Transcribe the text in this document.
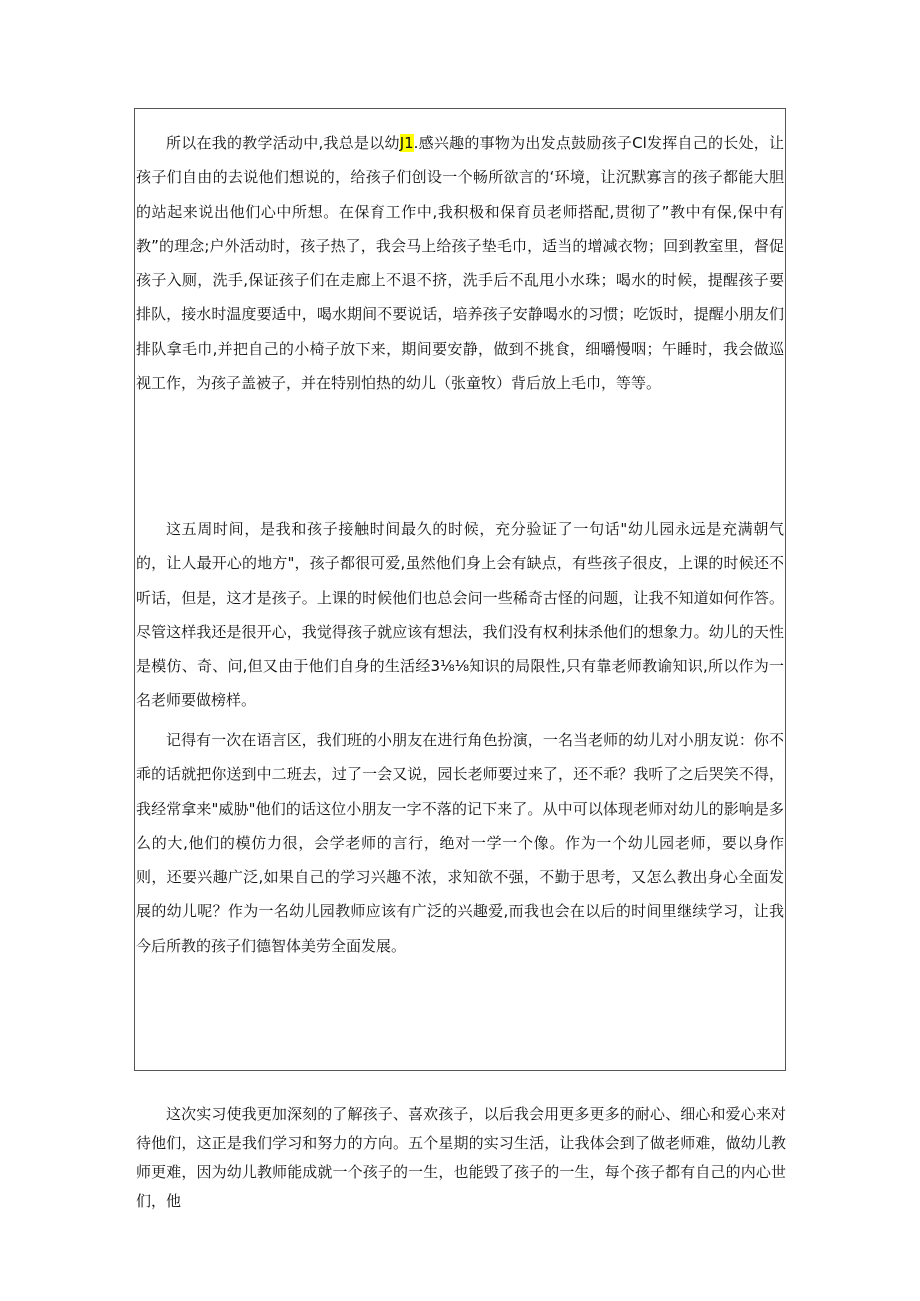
所以在我的教学活动中,我总是以幼J1.感兴趣的事物为出发点鼓励孩子Cl发挥自己的长处，让孩子们自由的去说他们想说的，给孩子们创设一个畅所欲言的‘环境，让沉默寡言的孩子都能大胆的站起来说出他们心中所想。在保育工作中,我积极和保育员老师搭配,贯彻了”教中有保,保中有教”的理念;户外活动时，孩子热了，我会马上给孩子垫毛巾，适当的增减衣物；回到教室里，督促孩子入厕，洗手,保证孩子们在走廊上不退不挤，洗手后不乱甩小水珠；喝水的时候，提醒孩子要排队，接水时温度要适中，喝水期间不要说话，培养孩子安静喝水的习惯；吃饭时，提醒小朋友们排队拿毛巾,并把自己的小椅子放下来，期间要安静，做到不挑食，细嚼慢咽；午睡时，我会做巡视工作，为孩子盖被子，并在特别怕热的幼儿（张童牧）背后放上毛巾，等等。

这五周时间，是我和孩子接触时间最久的时候，充分验证了一句话"幼儿园永远是充满朝气的，让人最开心的地方"，孩子都很可爱,虽然他们身上会有缺点，有些孩子很皮，上课的时候还不听话，但是，这才是孩子。上课的时候他们也总会问一些稀奇古怪的问题，让我不知道如何作答。尽管这样我还是很开心，我觉得孩子就应该有想法，我们没有权利抹杀他们的想象力。幼儿的天性是模仿、奇、问,但又由于他们自身的生活经3⅛⅛知识的局限性,只有靠老师教谕知识,所以作为一名老师要做榜样。

记得有一次在语言区，我们班的小朋友在进行角色扮演，一名当老师的幼儿对小朋友说：你不乖的话就把你送到中二班去，过了一会又说，园长老师要过来了，还不乖？我听了之后哭笑不得，我经常拿来"威胁"他们的话这位小朋友一字不落的记下来了。从中可以体现老师对幼儿的影响是多么的大,他们的模仿力很，会学老师的言行，绝对一学一个像。作为一个幼儿园老师，要以身作则，还要兴趣广泛,如果自己的学习兴趣不浓，求知欲不强，不勤于思考，又怎么教出身心全面发展的幼儿呢？作为一名幼儿园教师应该有广泛的兴趣爱,而我也会在以后的时间里继续学习，让我今后所教的孩子们德智体美劳全面发展。

这次实习使我更加深刻的了解孩子、喜欢孩子，以后我会用更多更多的耐心、细心和爱心来对待他们，这正是我们学习和努力的方向。五个星期的实习生活，让我体会到了做老师难，做幼儿教师更难，因为幼儿教师能成就一个孩子的一生，也能毁了孩子的一生，每个孩子都有自己的内心世们，他
